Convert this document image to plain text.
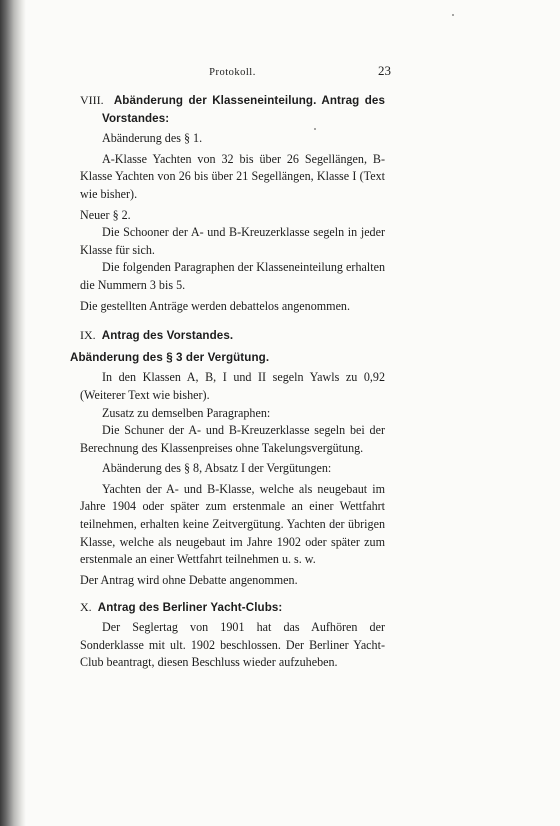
Protokoll.	23

VIII. Abänderung der Klasseneinteilung. Antrag des Vorstandes:

Abänderung des § 1.

A-Klasse Yachten von 32 bis über 26 Segellängen, B-Klasse Yachten von 26 bis über 21 Segellängen, Klasse I (Text wie bisher).

Neuer § 2.

Die Schooner der A- und B-Kreuzerklasse segeln in jeder Klasse für sich.

Die folgenden Paragraphen der Klasseneinteilung erhalten die Nummern 3 bis 5.

Die gestellten Anträge werden debattelos angenommen.

IX. Antrag des Vorstandes.

Abänderung des § 3 der Vergütung.

In den Klassen A, B, I und II segeln Yawls zu 0,92 (Weiterer Text wie bisher).

Zusatz zu demselben Paragraphen:

Die Schuner der A- und B-Kreuzerklasse segeln bei der Berechnung des Klassenpreises ohne Takelungsvergütung.

Abänderung des § 8, Absatz I der Vergütungen:

Yachten der A- und B-Klasse, welche als neugebaut im Jahre 1904 oder später zum erstenmale an einer Wettfahrt teilnehmen, erhalten keine Zeitvergütung. Yachten der übrigen Klasse, welche als neugebaut im Jahre 1902 oder später zum erstenmale an einer Wettfahrt teilnehmen u. s. w.

Der Antrag wird ohne Debatte angenommen.

X. Antrag des Berliner Yacht-Clubs:

Der Seglertag von 1901 hat das Aufhören der Sonderklasse mit ult. 1902 beschlossen. Der Berliner Yacht-Club beantragt, diesen Beschluss wieder aufzuheben.
